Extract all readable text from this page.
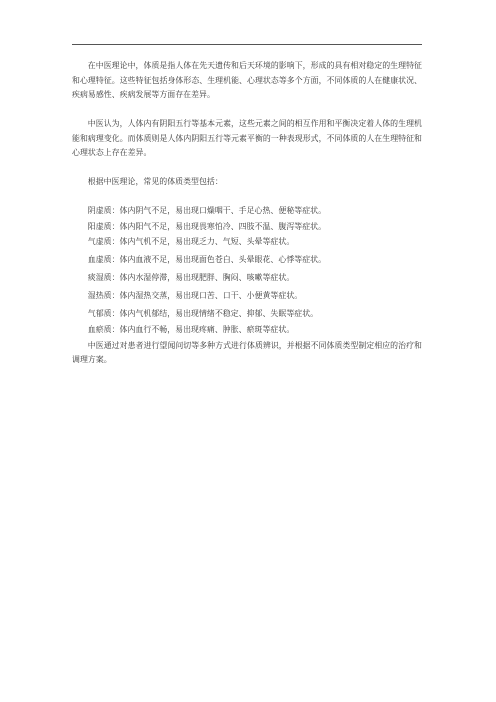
在中医理论中，体质是指人体在先天遗传和后天环境的影响下，形成的具有相对稳定的生理特征和心理特征。这些特征包括身体形态、生理机能、心理状态等多个方面，不同体质的人在健康状况、疾病易感性、疾病发展等方面存在差异。

中医认为，人体内有阴阳五行等基本元素，这些元素之间的相互作用和平衡决定着人体的生理机能和病理变化。而体质则是人体内阴阳五行等元素平衡的一种表现形式，不同体质的人在生理特征和心理状态上存在差异。

根据中医理论，常见的体质类型包括：

阴虚质：体内阴气不足，易出现口燥咽干、手足心热、便秘等症状。

阳虚质：体内阳气不足，易出现畏寒怕冷、四肢不温、腹泻等症状。

气虚质：体内气机不足，易出现乏力、气短、头晕等症状。

血虚质：体内血液不足，易出现面色苍白、头晕眼花、心悸等症状。

痰湿质：体内水湿停滞，易出现肥胖、胸闷、咳嗽等症状。

湿热质：体内湿热交蒸，易出现口苦、口干、小便黄等症状。

气郁质：体内气机郁结，易出现情绪不稳定、抑郁、失眠等症状。

血瘀质：体内血行不畅，易出现疼痛、肿胀、瘀斑等症状。

中医通过对患者进行望闻问切等多种方式进行体质辨识，并根据不同体质类型制定相应的治疗和调理方案。
